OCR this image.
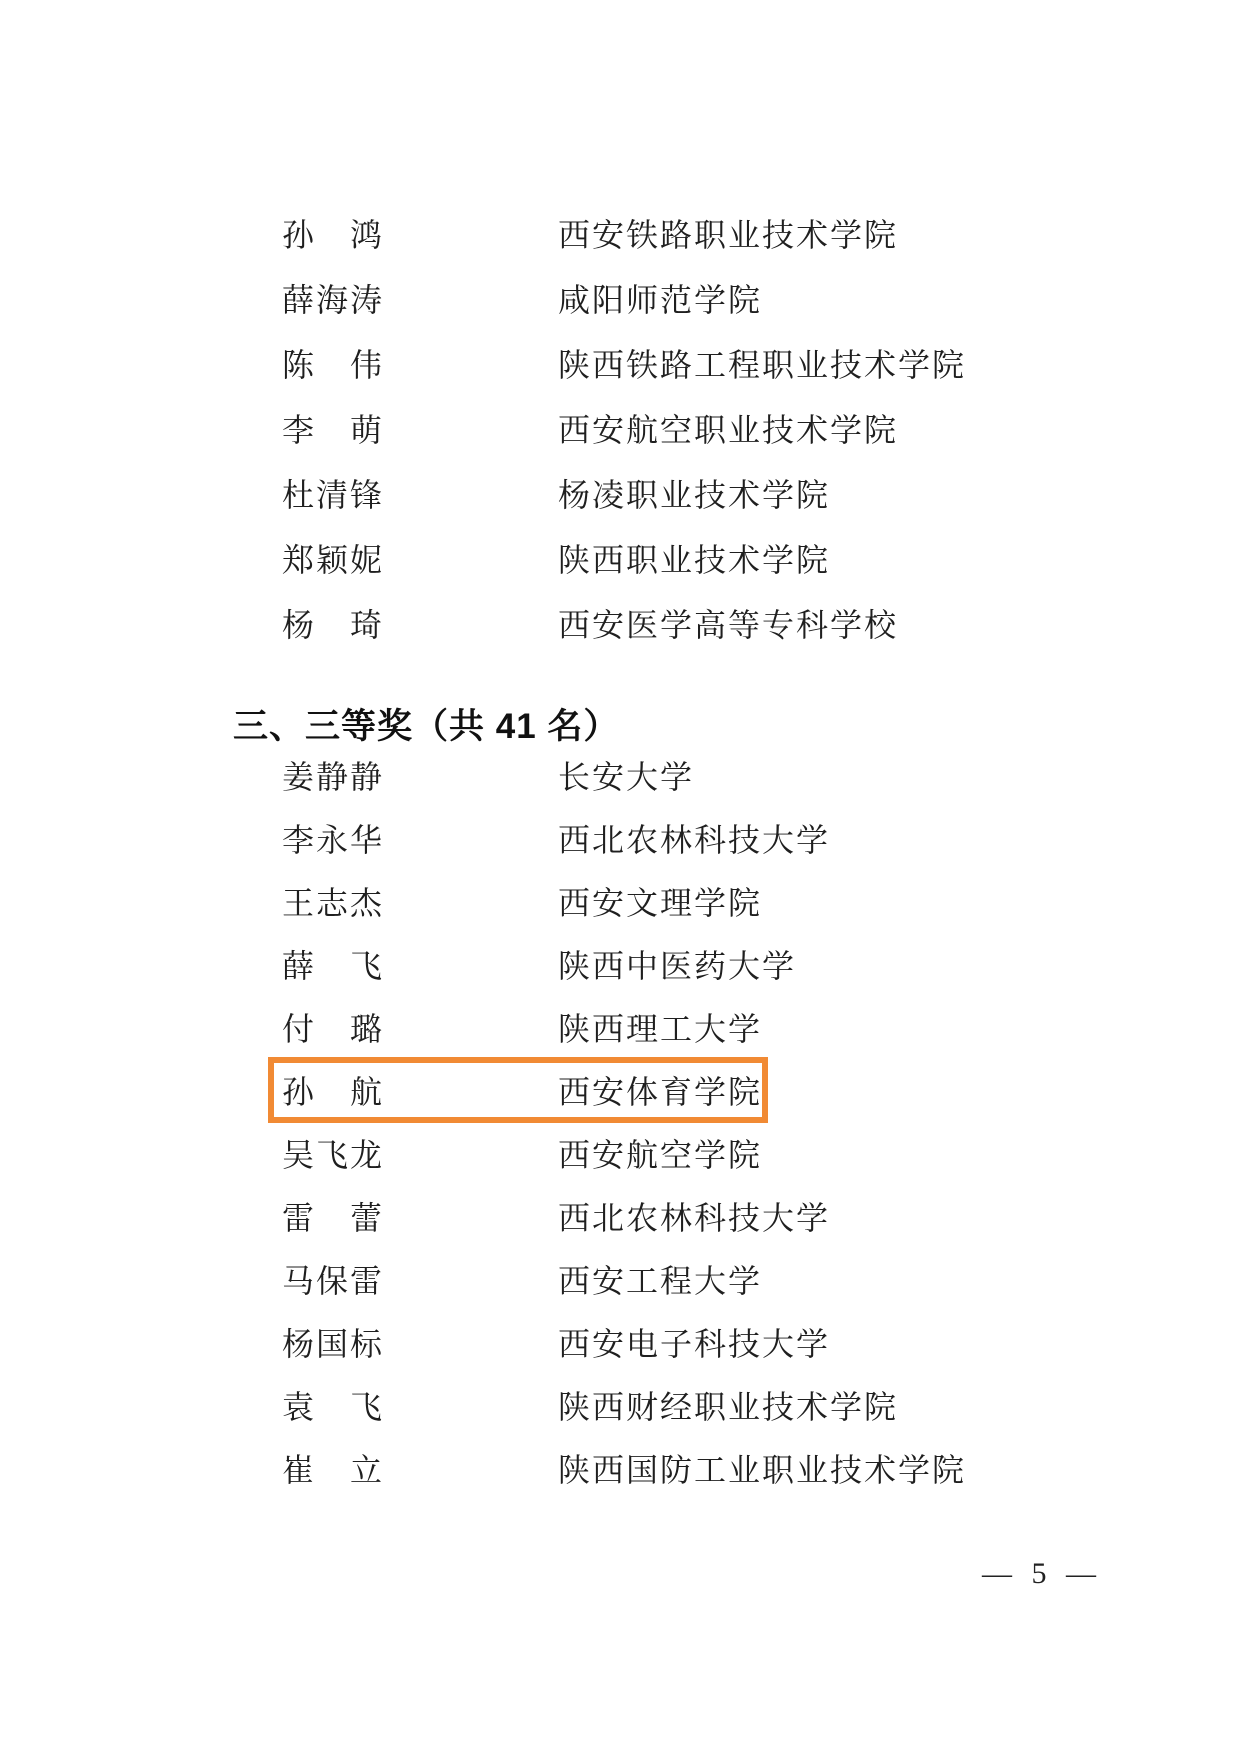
孙　鸿	西安铁路职业技术学院
薛海涛	咸阳师范学院
陈　伟	陕西铁路工程职业技术学院
李　萌	西安航空职业技术学院
杜清锋	杨凌职业技术学院
郑颖妮	陕西职业技术学院
杨　琦	西安医学高等专科学校
三、三等奖（共 41 名）
姜静静	长安大学
李永华	西北农林科技大学
王志杰	西安文理学院
薛　飞	陕西中医药大学
付　璐	陕西理工大学
孙　航	西安体育学院
吴飞龙	西安航空学院
雷　蕾	西北农林科技大学
马保雷	西安工程大学
杨国标	西安电子科技大学
袁　飞	陕西财经职业技术学院
崔　立	陕西国防工业职业技术学院
— 5 —
